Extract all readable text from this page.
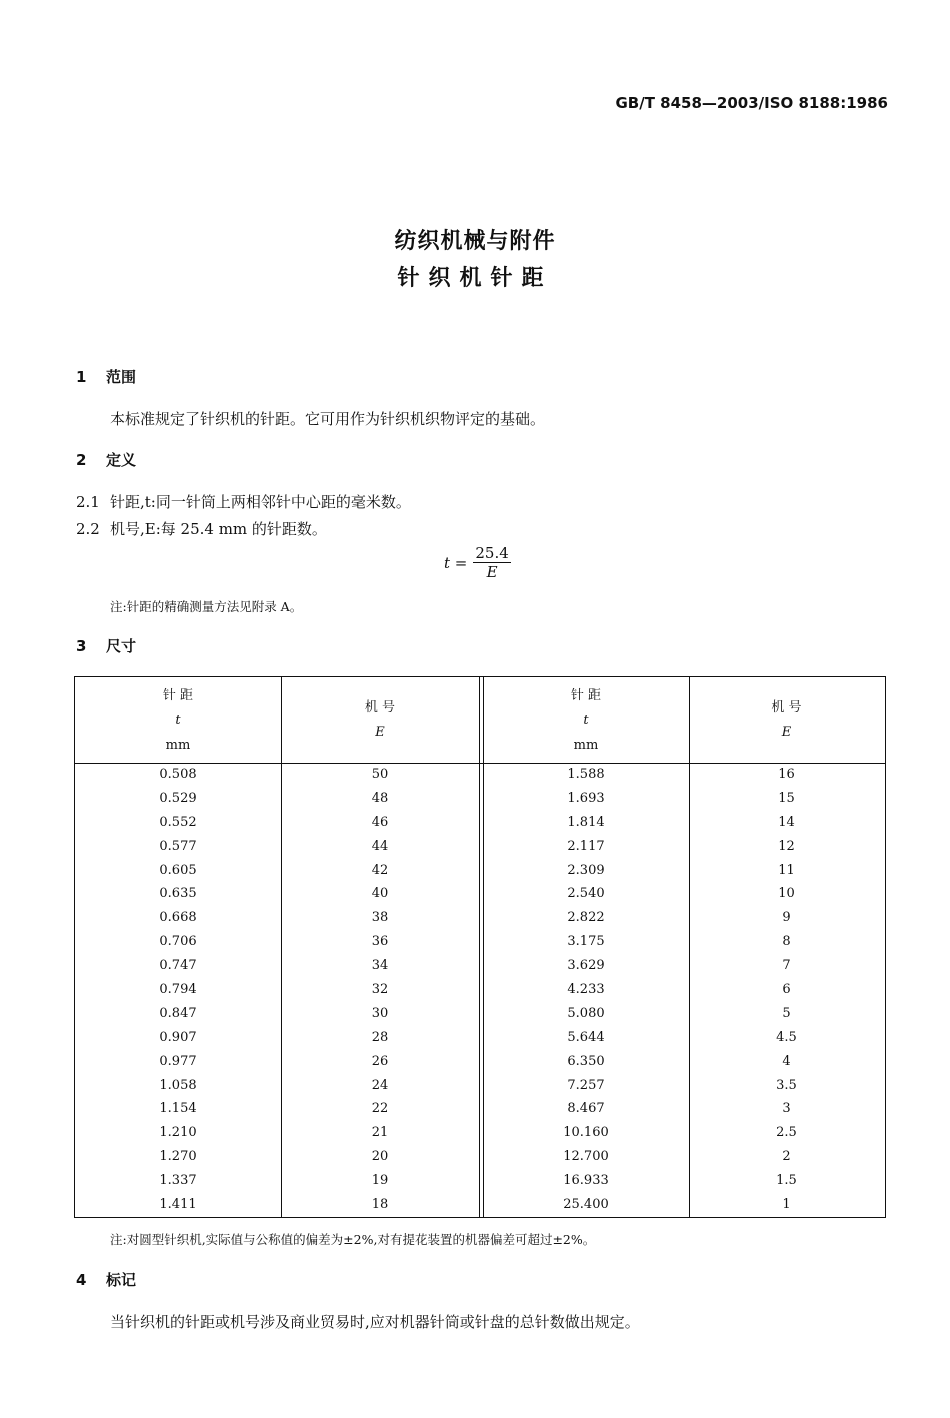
GB/T 8458—2003/ISO 8188:1986
纺织机械与附件
针织机针距
1 范围
本标准规定了针织机的针距。它可用作为针织机织物评定的基础。
2 定义
2.1 针距,t:同一针筒上两相邻针中心距的毫米数。
2.2 机号,E:每 25.4 mm 的针距数。
$t = \frac{25.4}{E}$
注:针距的精确测量方法见附录 A。
3 尺寸
针 距
t
mm
机 号
E
针 距
t
mm
机 号
E
0.508
0.529
0.552
0.577
0.605
0.635
0.668
0.706
0.747
0.794
0.847
0.907
0.977
1.058
1.154
1.210
1.270
1.337
1.411
50
48
46
44
42
40
38
36
34
32
30
28
26
24
22
21
20
19
18
1.588
1.693
1.814
2.117
2.309
2.540
2.822
3.175
3.629
4.233
5.080
5.644
6.350
7.257
8.467
10.160
12.700
16.933
25.400
16
15
14
12
11
10
9
8
7
6
5
4.5
4
3.5
3
2.5
2
1.5
1
注:对圆型针织机,实际值与公称值的偏差为±2%,对有提花装置的机器偏差可超过±2%。
4 标记
当针织机的针距或机号涉及商业贸易时,应对机器针筒或针盘的总针数做出规定。
